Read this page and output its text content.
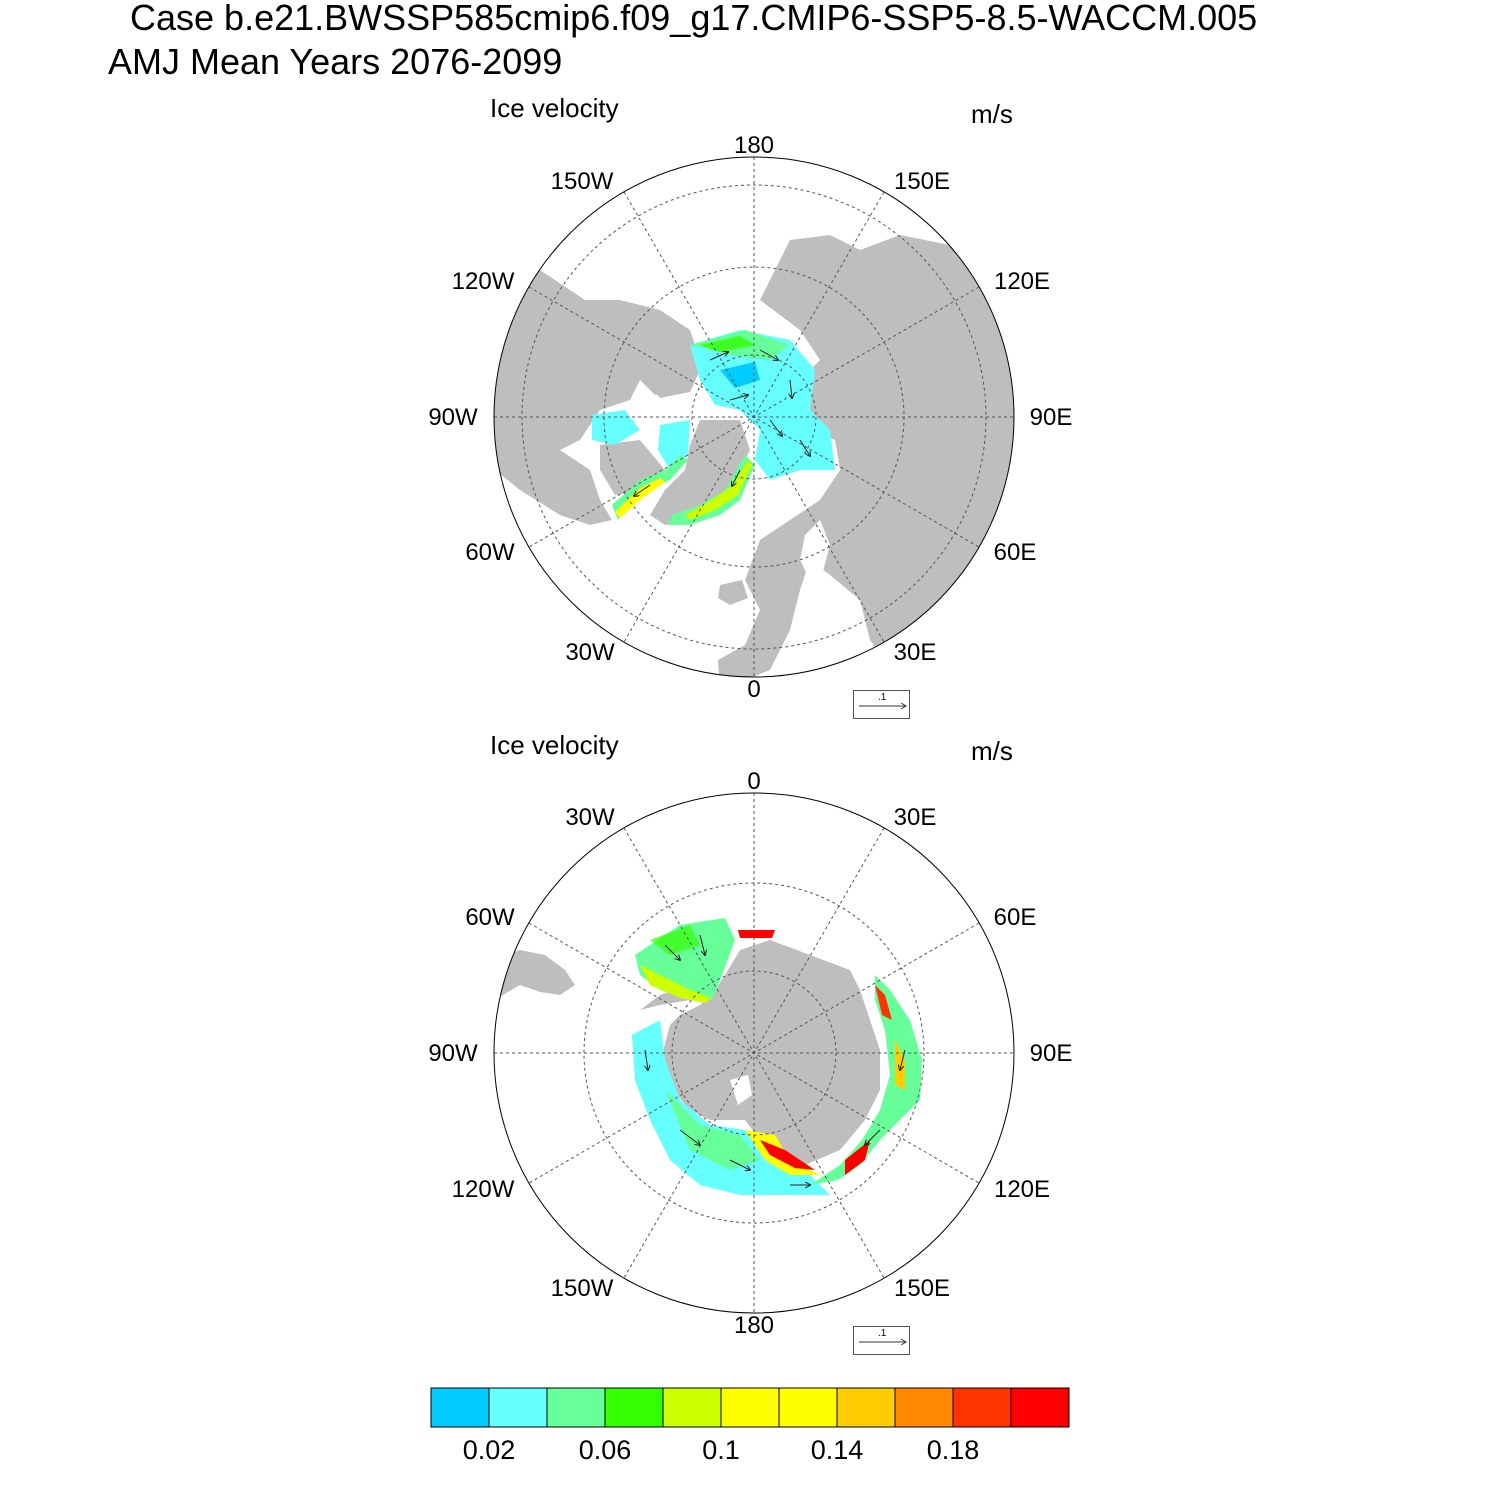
Case b.e21.BWSSP585cmip6.f09_g17.CMIP6-SSP5-8.5-WACCM.005
AMJ Mean Years 2076-2099
Ice velocity	m/s
Ice velocity	m/s
180
0
90W	90E
150W	150E
120W	120E
60W	60E
30W	30E
0
180
90W	90E
30W	30E
60W	60E
120W	120E
150W	150E
.1
.1
0.02 0.06	0.1	0.14 0.18
